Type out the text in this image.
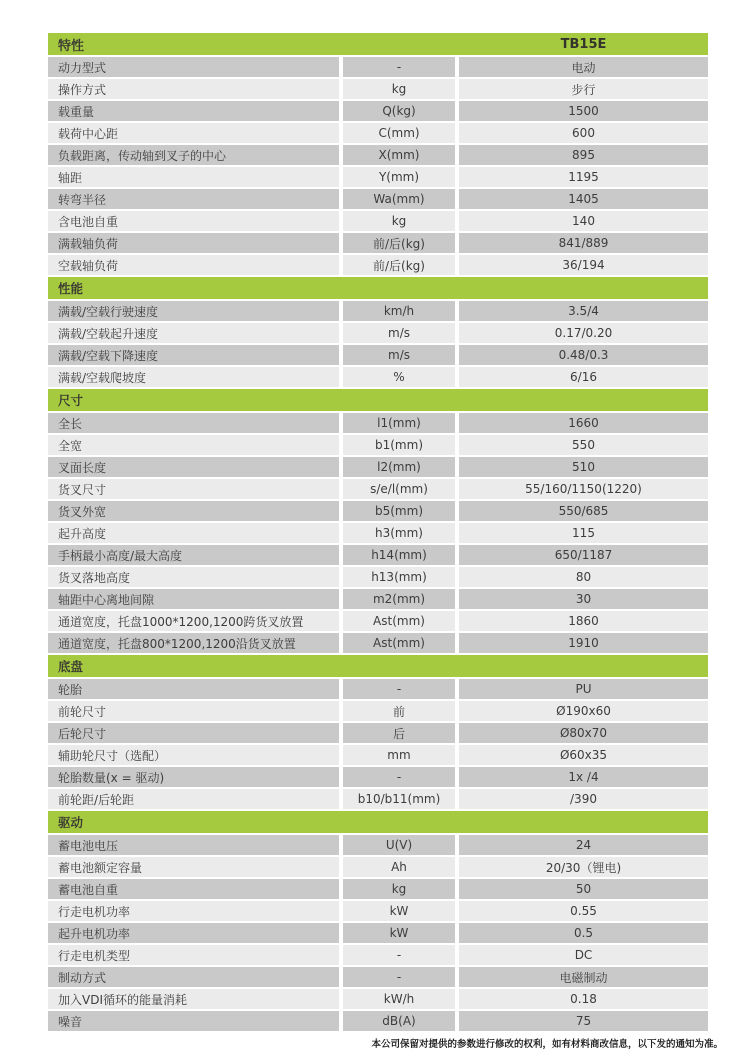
特性	TB15E
动力型式	-	电动
操作方式	kg	步行
载重量	Q(kg)	1500
载荷中心距	C(mm)	600
负载距离，传动轴到叉子的中心	X(mm)	895
轴距	Y(mm)	1195
转弯半径	Wa(mm)	1405
含电池自重	kg	140
满载轴负荷	前/后(kg)	841/889
空载轴负荷	前/后(kg)	36/194
性能
满载/空载行驶速度	km/h	3.5/4
满载/空载起升速度	m/s	0.17/0.20
满载/空载下降速度	m/s	0.48/0.3
满载/空载爬坡度	%	6/16
尺寸
全长	l1(mm)	1660
全宽	b1(mm)	550
叉面长度	l2(mm)	510
货叉尺寸	s/e/l(mm)	55/160/1150(1220)
货叉外宽	b5(mm)	550/685
起升高度	h3(mm)	115
手柄最小高度/最大高度	h14(mm)	650/1187
货叉落地高度	h13(mm)	80
轴距中心离地间隙	m2(mm)	30
通道宽度，托盘1000*1200,1200跨货叉放置	Ast(mm)	1860
通道宽度，托盘800*1200,1200沿货叉放置	Ast(mm)	1910
底盘
轮胎	-	PU
前轮尺寸	前	Ø190x60
后轮尺寸	后	Ø80x70
辅助轮尺寸（选配）	mm	Ø60x35
轮胎数量(x = 驱动)	-	1x /4
前轮距/后轮距	b10/b11(mm)	/390
驱动
蓄电池电压	U(V)	24
蓄电池额定容量	Ah	20/30（锂电)
蓄电池自重	kg	50
行走电机功率	kW	0.55
起升电机功率	kW	0.5
行走电机类型	-	DC
制动方式	-	电磁制动
加入VDI循环的能量消耗	kW/h	0.18
噪音	dB(A)	75
本公司保留对提供的参数进行修改的权利，如有材料商改信息，以下发的通知为准。
